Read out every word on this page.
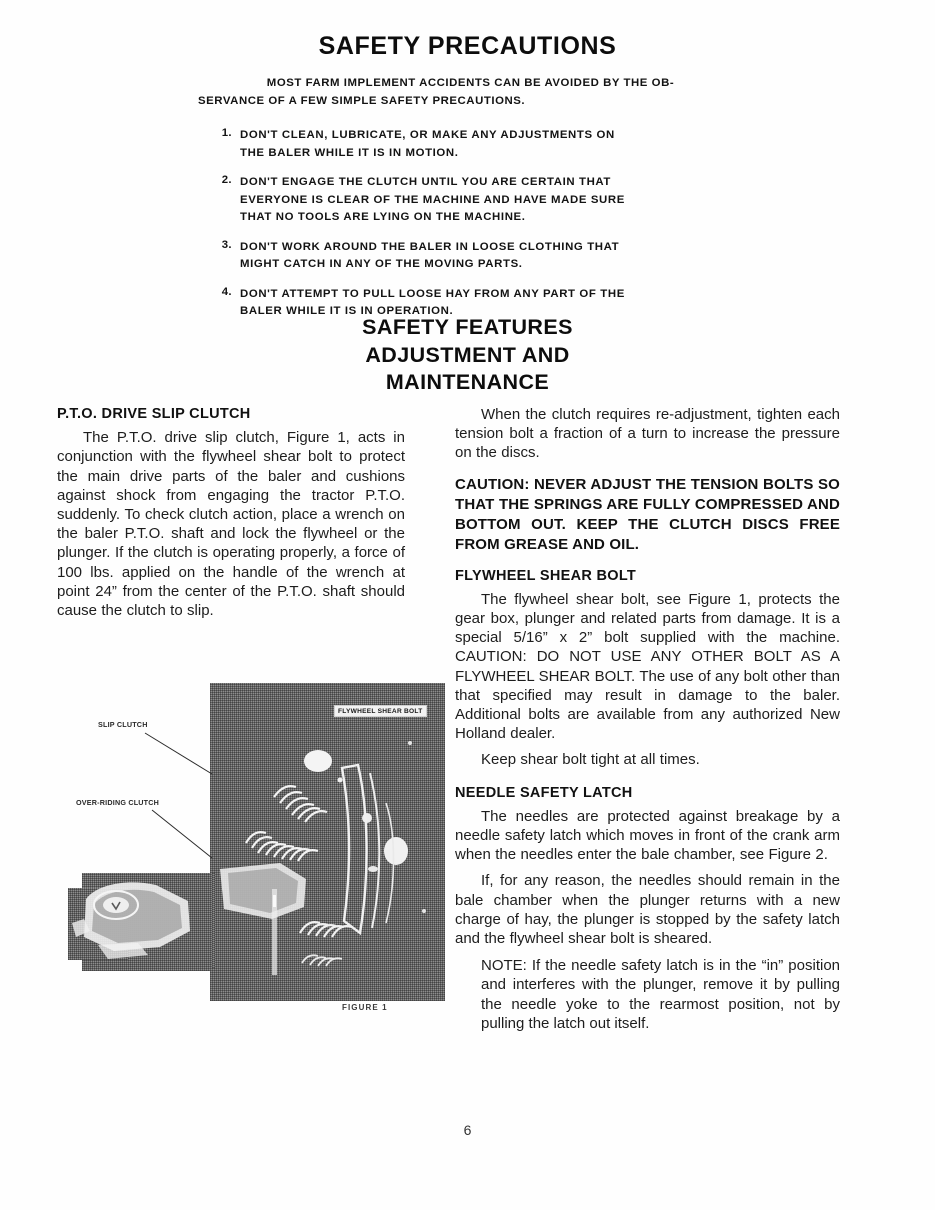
SAFETY PRECAUTIONS
MOST FARM IMPLEMENT ACCIDENTS CAN BE AVOIDED BY THE OB-
SERVANCE OF A FEW SIMPLE SAFETY PRECAUTIONS.
1. DON'T CLEAN, LUBRICATE, OR MAKE ANY ADJUSTMENTS ON
THE BALER WHILE IT IS IN MOTION.
2. DON'T ENGAGE THE CLUTCH UNTIL YOU ARE CERTAIN THAT
EVERYONE IS CLEAR OF THE MACHINE AND HAVE MADE SURE
THAT NO TOOLS ARE LYING ON THE MACHINE.
3. DON'T WORK AROUND THE BALER IN LOOSE CLOTHING THAT
MIGHT CATCH IN ANY OF THE MOVING PARTS.
4. DON'T ATTEMPT TO PULL LOOSE HAY FROM ANY PART OF THE
BALER WHILE IT IS IN OPERATION.
SAFETY FEATURES
ADJUSTMENT AND
MAINTENANCE
P.T.O. DRIVE SLIP CLUTCH

The P.T.O. drive slip clutch, Figure 1, acts in conjunction with the flywheel shear bolt to protect the main drive parts of the baler and cushions against shock from engaging the tractor P.T.O. suddenly. To check clutch action, place a wrench on the baler P.T.O. shaft and lock the flywheel or the plunger. If the clutch is operating properly, a force of 100 lbs. applied on the handle of the wrench at point 24” from the center of the P.T.O. shaft should cause the clutch to slip.

When the clutch requires re-adjustment, tighten each tension bolt a fraction of a turn to increase the pressure on the discs.

CAUTION: NEVER ADJUST THE TENSION BOLTS SO THAT THE SPRINGS ARE FULLY COMPRESSED AND BOTTOM OUT. KEEP THE CLUTCH DISCS FREE FROM GREASE AND OIL.

FLYWHEEL SHEAR BOLT

The flywheel shear bolt, see Figure 1, protects the gear box, plunger and related parts from damage. It is a special 5/16” x 2” bolt supplied with the machine. CAUTION: DO NOT USE ANY OTHER BOLT AS A FLYWHEEL SHEAR BOLT. The use of any bolt other than that specified may result in damage to the baler. Additional bolts are available from any authorized New Holland dealer.

Keep shear bolt tight at all times.

NEEDLE SAFETY LATCH

The needles are protected against breakage by a needle safety latch which moves in front of the crank arm when the needles enter the bale chamber, see Figure 2.

If, for any reason, the needles should remain in the bale chamber when the plunger returns with a new charge of hay, the plunger is stopped by the safety latch and the flywheel shear bolt is sheared.

NOTE: If the needle safety latch is in the “in” position and interferes with the plunger, remove it by pulling the needle yoke to the rearmost position, not by pulling the latch out itself.

FLYWHEEL SHEAR BOLT
SLIP CLUTCH
OVER-RIDING CLUTCH
FIGURE 1
6
